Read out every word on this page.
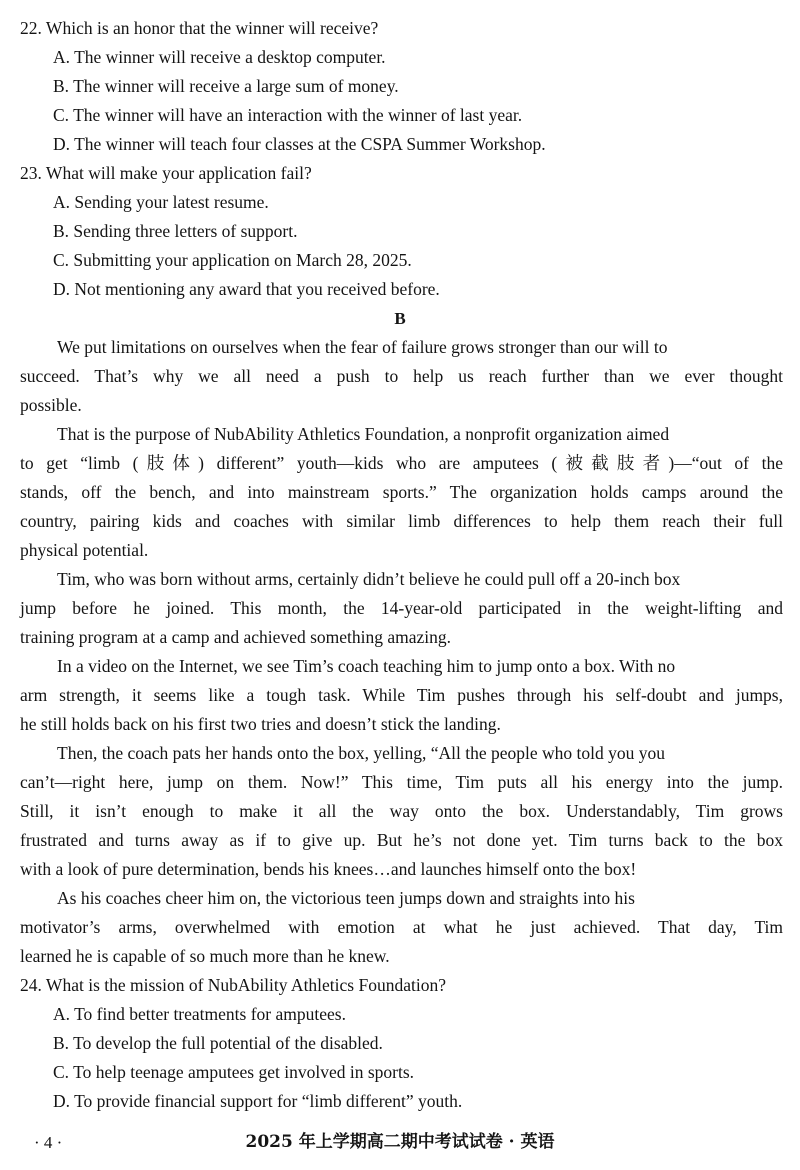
22. Which is an honor that the winner will receive?
A. The winner will receive a desktop computer.
B. The winner will receive a large sum of money.
C. The winner will have an interaction with the winner of last year.
D. The winner will teach four classes at the CSPA Summer Workshop.
23. What will make your application fail?
A. Sending your latest resume.
B. Sending three letters of support.
C. Submitting your application on March 28, 2025.
D. Not mentioning any award that you received before.
B
We put limitations on ourselves when the fear of failure grows stronger than our will to
succeed. That’s why we all need a push to help us reach further than we ever thought
possible.
That is the purpose of NubAbility Athletics Foundation, a nonprofit organization aimed
to get “limb (肢体) different” youth—kids who are amputees (被截肢者)—“out of the
stands, off the bench, and into mainstream sports.” The organization holds camps around the
country, pairing kids and coaches with similar limb differences to help them reach their full
physical potential.
Tim, who was born without arms, certainly didn’t believe he could pull off a 20-inch box
jump before he joined. This month, the 14-year-old participated in the weight-lifting and
training program at a camp and achieved something amazing.
In a video on the Internet, we see Tim’s coach teaching him to jump onto a box. With no
arm strength, it seems like a tough task. While Tim pushes through his self-doubt and jumps,
he still holds back on his first two tries and doesn’t stick the landing.
Then, the coach pats her hands onto the box, yelling, “All the people who told you you
can’t—right here, jump on them. Now!” This time, Tim puts all his energy into the jump.
Still, it isn’t enough to make it all the way onto the box. Understandably, Tim grows
frustrated and turns away as if to give up. But he’s not done yet. Tim turns back to the box
with a look of pure determination, bends his knees…and launches himself onto the box!
As his coaches cheer him on, the victorious teen jumps down and straights into his
motivator’s arms, overwhelmed with emotion at what he just achieved. That day, Tim
learned he is capable of so much more than he knew.
24. What is the mission of NubAbility Athletics Foundation?
A. To find better treatments for amputees.
B. To develop the full potential of the disabled.
C. To help teenage amputees get involved in sports.
D. To provide financial support for “limb different” youth.
· 4 ·	2025 年上学期高二期中考试试卷 · 英语
